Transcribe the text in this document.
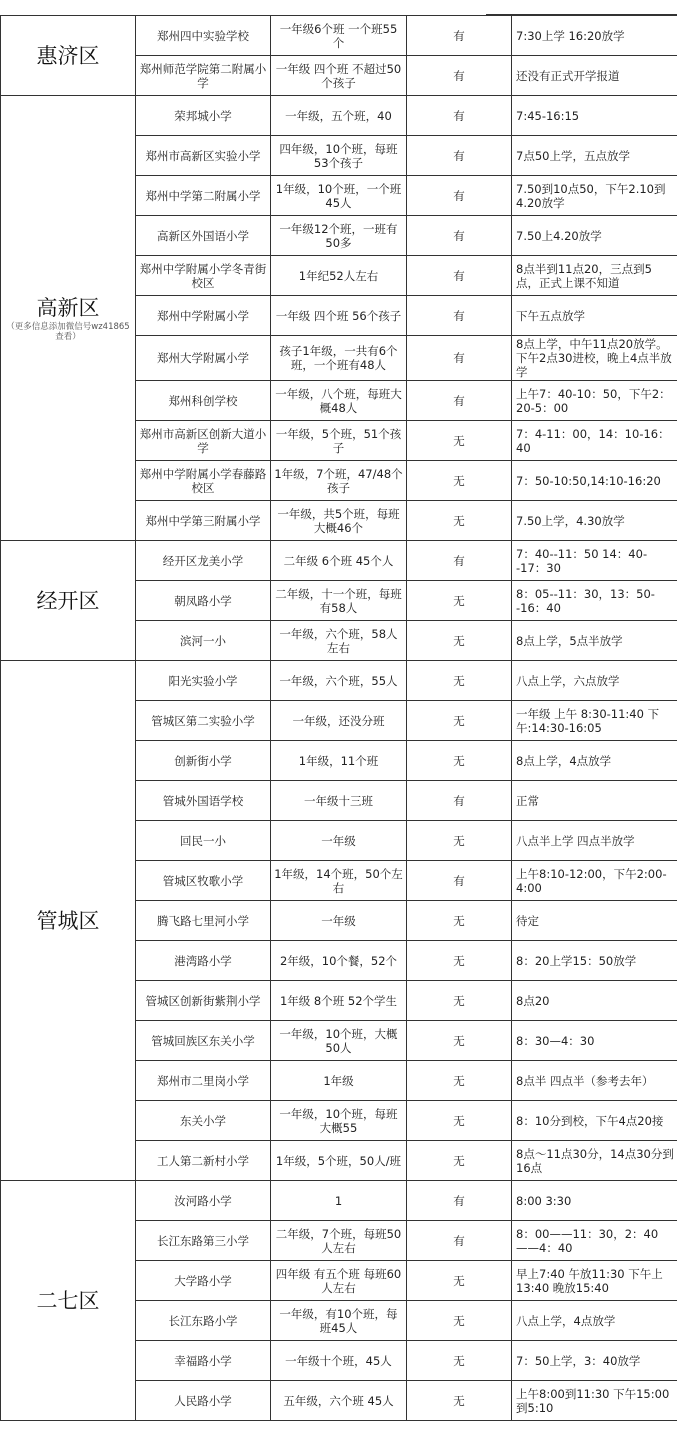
惠济区	郑州四中实验学校	一年级6个班 一个班55个	有	7:30上学 16:20放学
	郑州师范学院第二附属小学	一年级 四个班 不超过50个孩子	有	还没有正式开学报道

高新区
（更多信息添加微信号wz41865查看）	荣邦城小学	一年级，五个班，40	有	7:45-16:15
	郑州市高新区实验小学	四年级，10个班，每班53个孩子	有	7点50上学，五点放学
	郑州中学第二附属小学	1年级，10个班，一个班45人	有	7.50到10点50，下午2.10到4.20放学
	高新区外国语小学	一年级12个班，一班有50多	有	7.50上4.20放学
	郑州中学附属小学冬青街校区	1年纪52人左右	有	8点半到11点20，三点到5点，正式上课不知道
	郑州中学附属小学	一年级 四个班 56个孩子	有	下午五点放学
	郑州大学附属小学	孩子1年级，一共有6个班，一个班有48人	有	8点上学，中午11点20放学。下午2点30进校，晚上4点半放学
	郑州科创学校	一年级，八个班，每班大概48人	有	上午7：40-10：50，下午2：20-5：00
	郑州市高新区创新大道小学	一年级，5个班，51个孩子	无	7：4-11：00，14：10-16：40
	郑州中学附属小学春藤路校区	1年级，7个班，47/48个孩子	无	7：50-10:50,14:10-16:20
	郑州中学第三附属小学	一年级，共5个班，每班大概46个	无	7.50上学，4.30放学

经开区	经开区龙美小学	二年级 6个班 45个人	有	7：40--11：50 14：40--17：30
	朝凤路小学	二年级，十一个班，每班有58人	无	8：05--11：30，13：50--16：40
	滨河一小	一年级，六个班，58人左右	无	8点上学，5点半放学

管城区	阳光实验小学	一年级，六个班，55人	无	八点上学，六点放学
	管城区第二实验小学	一年级，还没分班	无	一年级 上午 8:30-11:40 下午:14:30-16:05
	创新街小学	1年级，11个班	无	8点上学，4点放学
	管城外国语学校	一年级十三班	有	正常
	回民一小	一年级	无	八点半上学 四点半放学
	管城区牧歌小学	1年级，14个班，50个左右	有	上午8:10-12:00，下午2:00-4:00
	腾飞路七里河小学	一年级	无	待定
	港湾路小学	2年级，10个餐，52个	无	8：20上学15：50放学
	管城区创新街紫荆小学	1年级 8个班 52个学生	无	8点20
	管城回族区东关小学	一年级，10个班，大概50人	无	8：30—4：30
	郑州市二里岗小学	1年级	无	8点半 四点半（参考去年）
	东关小学	一年级，10个班，每班大概55	无	8：10分到校，下午4点20接
	工人第二新村小学	1年级，5个班，50人/班	无	8点～11点30分，14点30分到16点

二七区	汝河路小学	1	有	8:00 3:30
	长江东路第三小学	二年级，7个班，每班50人左右	有	8：00——11：30，2：40——4：40
	大学路小学	四年级 有五个班 每班60人左右	无	早上7:40 午放11:30 下午上13:40 晚放15:40
	长江东路小学	一年级，有10个班，每班45人	无	八点上学，4点放学
	幸福路小学	一年级十个班，45人	无	7：50上学，3：40放学
	人民路小学	五年级，六个班 45人	无	上午8:00到11:30 下午15:00到5:10
